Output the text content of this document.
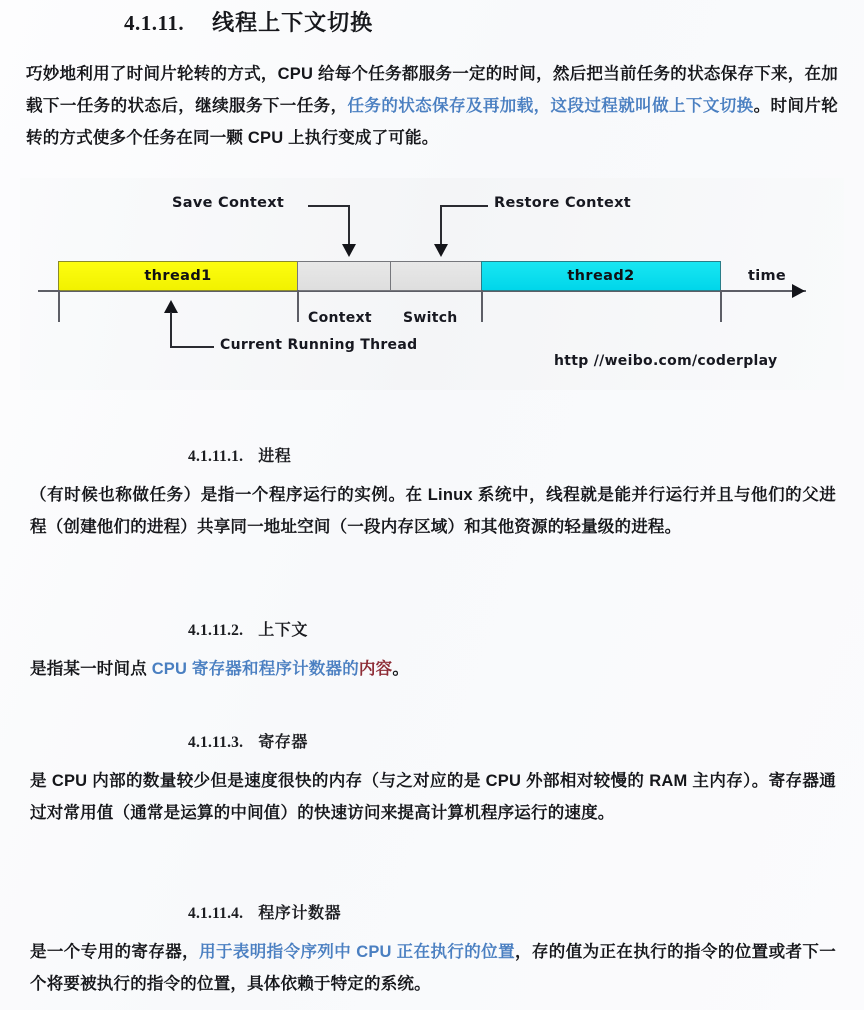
4.1.11. 线程上下文切换
巧妙地利用了时间片轮转的方式，CPU 给每个任务都服务一定的时间，然后把当前任务的状态保存下来，在加载下一任务的状态后，继续服务下一任务，任务的状态保存及再加载，这段过程就叫做上下文切换。时间片轮转的方式使多个任务在同一颗 CPU 上执行变成了可能。
Save Context	Restore Context
thread1	thread2	time
Context Switch
Current Running Thread
http //weibo.com/coderplay
4.1.11.1. 进程
（有时候也称做任务）是指一个程序运行的实例。在 Linux 系统中，线程就是能并行运行并且与他们的父进程（创建他们的进程）共享同一地址空间（一段内存区域）和其他资源的轻量级的进程。
4.1.11.2. 上下文
是指某一时间点 CPU 寄存器和程序计数器的内容。
4.1.11.3. 寄存器
是 CPU 内部的数量较少但是速度很快的内存（与之对应的是 CPU 外部相对较慢的 RAM 主内存）。寄存器通过对常用值（通常是运算的中间值）的快速访问来提高计算机程序运行的速度。
4.1.11.4. 程序计数器
是一个专用的寄存器，用于表明指令序列中 CPU 正在执行的位置，存的值为正在执行的指令的位置或者下一个将要被执行的指令的位置，具体依赖于特定的系统。
